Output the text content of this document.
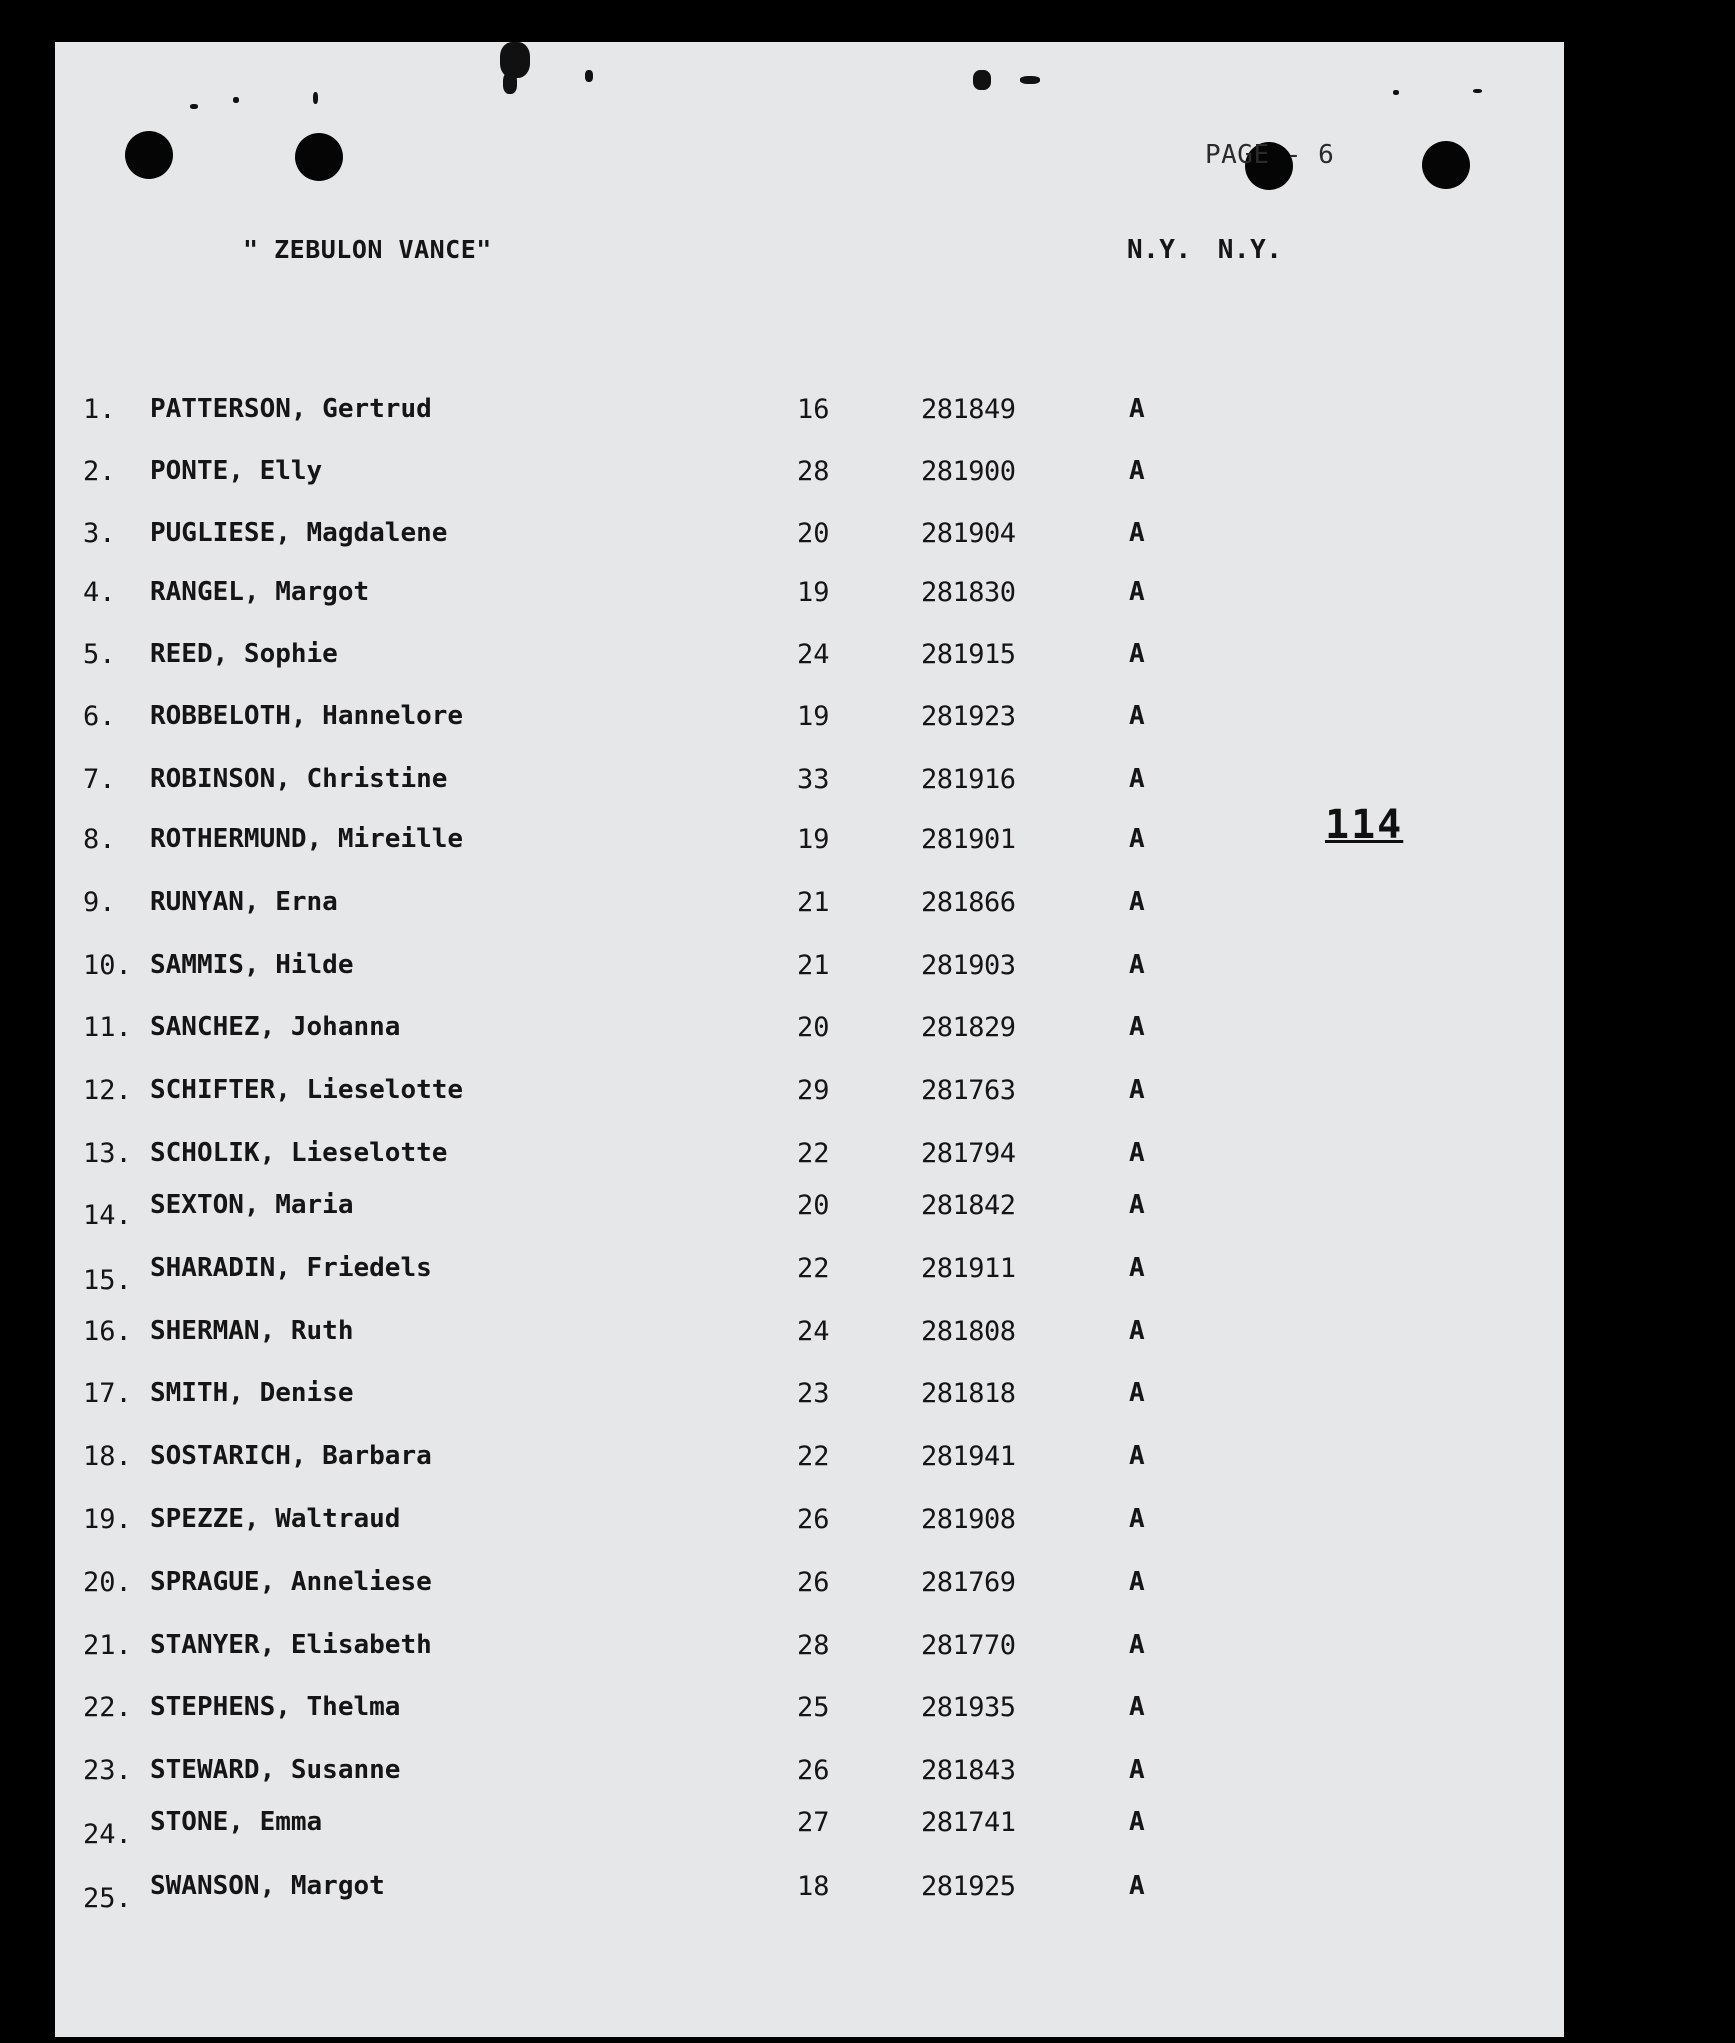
PAGE - 6
" ZEBULON VANCE"	N.Y. N.Y.
114
1. PATTERSON, Gertrud	16	281849	A
2. PONTE, Elly	28	281900	A
3. PUGLIESE, Magdalene	20	281904	A
4. RANGEL, Margot	19	281830	A
5. REED, Sophie	24	281915	A
6. ROBBELOTH, Hannelore	19	281923	A
7. ROBINSON, Christine	33	281916	A
8. ROTHERMUND, Mireille	19	281901	A
9. RUNYAN, Erna	21	281866	A
10. SAMMIS, Hilde	21	281903	A
11. SANCHEZ, Johanna	20	281829	A
12. SCHIFTER, Lieselotte	29	281763	A
13. SCHOLIK, Lieselotte	22	281794	A
14. SEXTON, Maria	20	281842	A
15. SHARADIN, Friedels	22	281911	A
16. SHERMAN, Ruth	24	281808	A
17. SMITH, Denise	23	281818	A
18. SOSTARICH, Barbara	22	281941	A
19. SPEZZE, Waltraud	26	281908	A
20. SPRAGUE, Anneliese	26	281769	A
21. STANYER, Elisabeth	28	281770	A
22. STEPHENS, Thelma	25	281935	A
23. STEWARD, Susanne	26	281843	A
24. STONE, Emma	27	281741	A
25. SWANSON, Margot	18	281925	A
